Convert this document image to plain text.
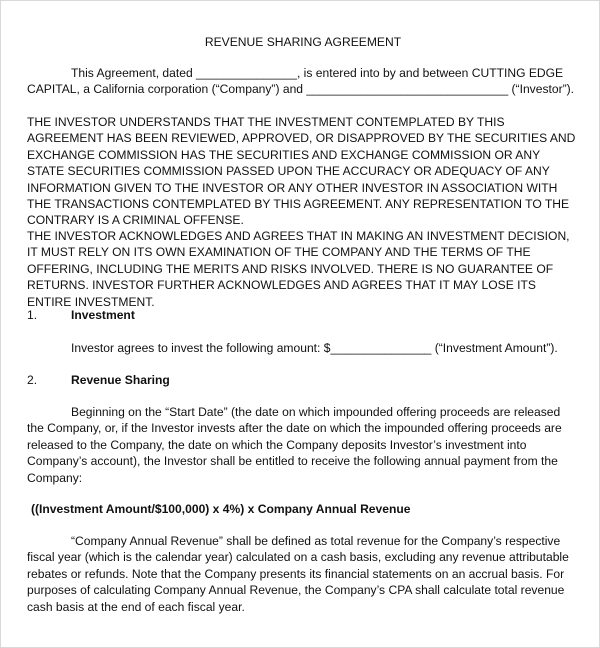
REVENUE SHARING AGREEMENT
This Agreement, dated _______________, is entered into by and between CUTTING EDGE CAPITAL, a California corporation (“Company”) and ______________________________ (“Investor”).
THE INVESTOR UNDERSTANDS THAT THE INVESTMENT CONTEMPLATED BY THIS AGREEMENT HAS BEEN REVIEWED, APPROVED, OR DISAPPROVED BY THE SECURITIES AND EXCHANGE COMMISSION HAS THE SECURITIES AND EXCHANGE COMMISSION OR ANY STATE SECURITIES COMMISSION PASSED UPON THE ACCURACY OR ADEQUACY OF ANY INFORMATION GIVEN TO THE INVESTOR OR ANY OTHER INVESTOR IN ASSOCIATION WITH THE TRANSACTIONS CONTEMPLATED BY THIS AGREEMENT. ANY REPRESENTATION TO THE CONTRARY IS A CRIMINAL OFFENSE.
THE INVESTOR ACKNOWLEDGES AND AGREES THAT IN MAKING AN INVESTMENT DECISION, IT MUST RELY ON ITS OWN EXAMINATION OF THE COMPANY AND THE TERMS OF THE OFFERING, INCLUDING THE MERITS AND RISKS INVOLVED. THERE IS NO GUARANTEE OF RETURNS. INVESTOR FURTHER ACKNOWLEDGES AND AGREES THAT IT MAY LOSE ITS ENTIRE INVESTMENT.
1.	Investment
Investor agrees to invest the following amount: $_______________ (“Investment Amount”).
2.	Revenue Sharing
Beginning on the “Start Date” (the date on which impounded offering proceeds are released the Company, or, if the Investor invests after the date on which the impounded offering proceeds are released to the Company, the date on which the Company deposits Investor’s investment into Company’s account), the Investor shall be entitled to receive the following annual payment from the Company:
((Investment Amount/$100,000) x 4%) x Company Annual Revenue
“Company Annual Revenue” shall be defined as total revenue for the Company’s respective fiscal year (which is the calendar year) calculated on a cash basis, excluding any revenue attributable rebates or refunds. Note that the Company presents its financial statements on an accrual basis. For purposes of calculating Company Annual Revenue, the Company’s CPA shall calculate total revenue cash basis at the end of each fiscal year.
